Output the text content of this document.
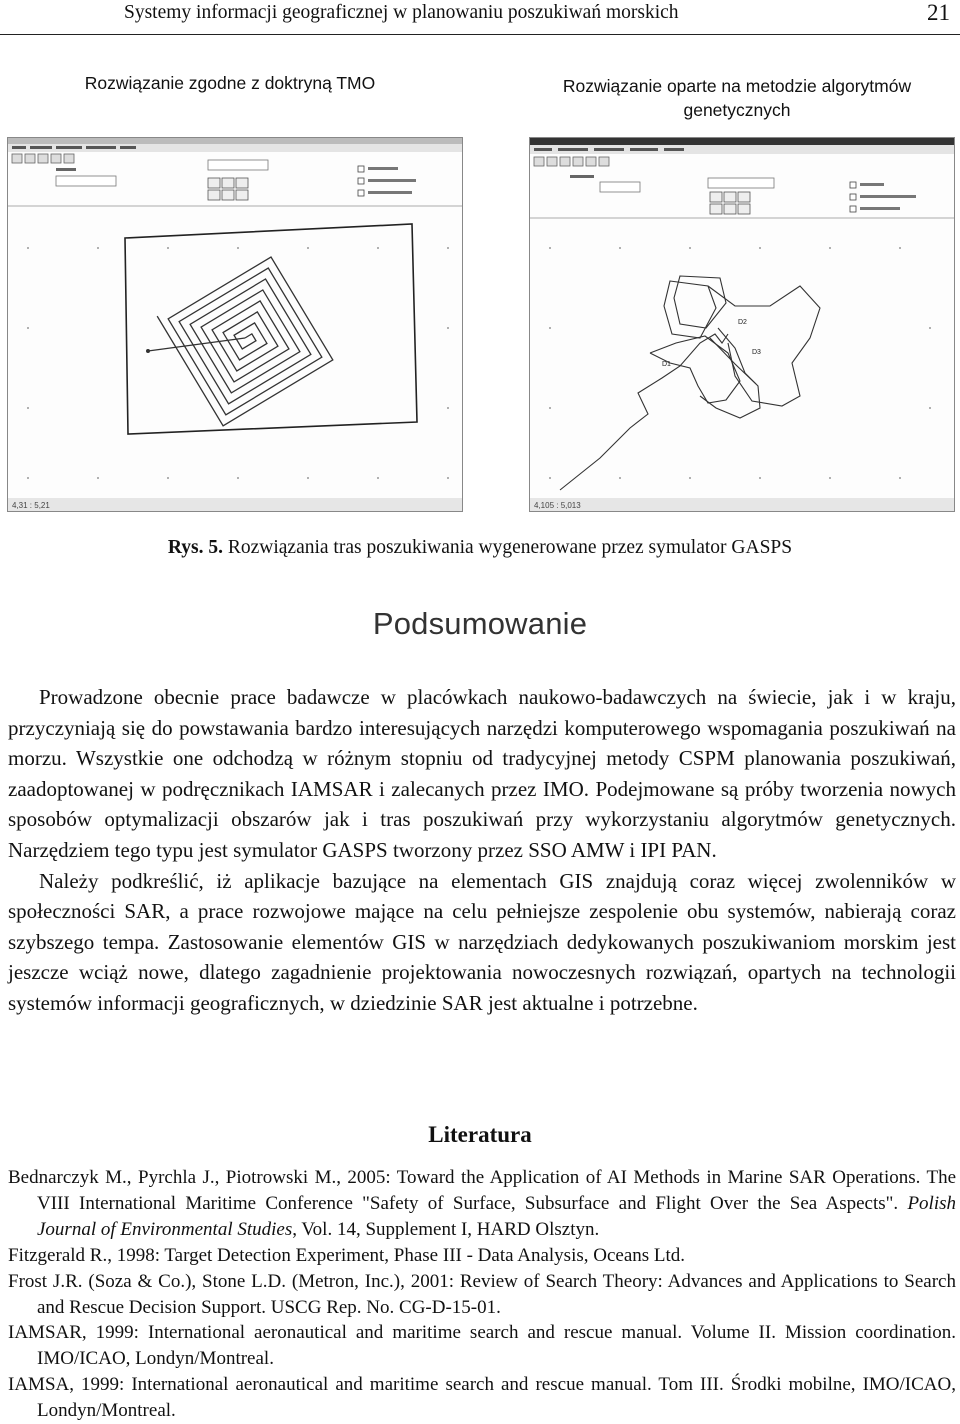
Systemy informacji geograficznej w planowaniu poszukiwań morskich	21
Rozwiązanie zgodne z doktryną TMO	Rozwiązanie oparte na metodzie algorytmów genetycznych
4,31 : 5,21
D1
D2
D3
4,105 : 5,013
Rys. 5. Rozwiązania tras poszukiwania wygenerowane przez symulator GASPS
Podsumowanie

Prowadzone obecnie prace badawcze w placówkach naukowo-badawczych na świecie, jak i w kraju, przyczyniają się do powstawania bardzo interesujących narzędzi komputerowego wspomagania poszukiwań na morzu. Wszystkie one odchodzą w różnym stopniu od tradycyjnej metody CSPM planowania poszukiwań, zaadoptowanej w podręcznikach IAMSAR i zalecanych przez IMO. Podejmowane są próby tworzenia nowych sposobów optymalizacji obszarów jak i tras poszukiwań przy wykorzystaniu algorytmów genetycznych. Narzędziem tego typu jest symulator GASPS tworzony przez SSO AMW i IPI PAN.

Należy podkreślić, iż aplikacje bazujące na elementach GIS znajdują coraz więcej zwolenników w społeczności SAR, a prace rozwojowe mające na celu pełniejsze zespolenie obu systemów, nabierają coraz szybszego tempa. Zastosowanie elementów GIS w narzędziach dedykowanych poszukiwaniom morskim jest jeszcze wciąż nowe, dlatego zagadnienie projektowania nowoczesnych rozwiązań, opartych na technologii systemów informacji geograficznych, w dziedzinie SAR jest aktualne i potrzebne.

Literatura
Bednarczyk M., Pyrchla J., Piotrowski M., 2005: Toward the Application of AI Methods in Marine SAR Operations. The VIII International Maritime Conference "Safety of Surface, Subsurface and Flight Over the Sea Aspects". Polish Journal of Environmental Studies, Vol. 14, Supplement I, HARD Olsztyn.
Fitzgerald R., 1998: Target Detection Experiment, Phase III - Data Analysis, Oceans Ltd.
Frost J.R. (Soza & Co.), Stone L.D. (Metron, Inc.), 2001: Review of Search Theory: Advances and Applications to Search and Rescue Decision Support. USCG Rep. No. CG-D-15-01.
IAMSAR, 1999: International aeronautical and maritime search and rescue manual. Volume II. Mission coordination. IMO/ICAO, Londyn/Montreal.
IAMSA, 1999: International aeronautical and maritime search and rescue manual. Tom III. Środki mobilne, IMO/ICAO, Londyn/Montreal.
